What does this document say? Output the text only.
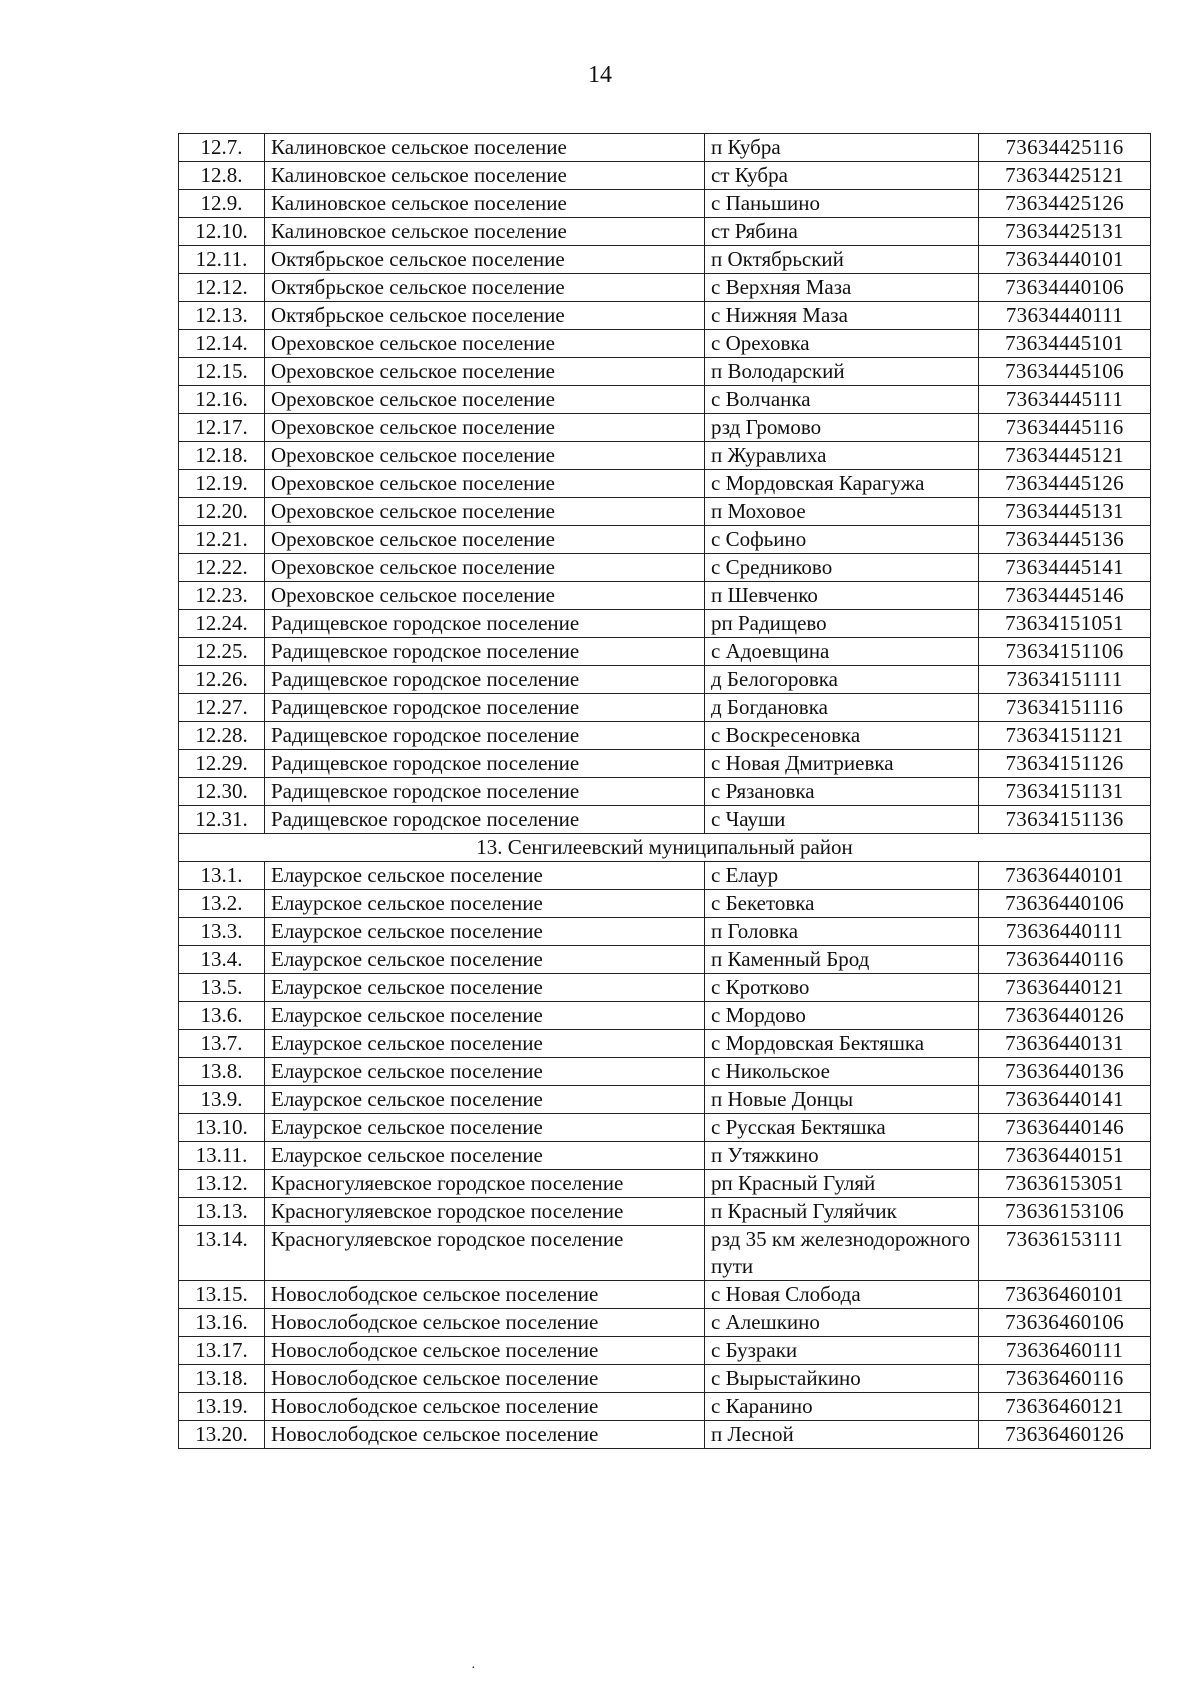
14
12.7.	Калиновское сельское поселение	п Кубра	73634425116
12.8.	Калиновское сельское поселение	ст Кубра	73634425121
12.9.	Калиновское сельское поселение	с Паньшино	73634425126
12.10.	Калиновское сельское поселение	ст Рябина	73634425131
12.11.	Октябрьское сельское поселение	п Октябрьский	73634440101
12.12.	Октябрьское сельское поселение	с Верхняя Маза	73634440106
12.13.	Октябрьское сельское поселение	с Нижняя Маза	73634440111
12.14.	Ореховское сельское поселение	с Ореховка	73634445101
12.15.	Ореховское сельское поселение	п Володарский	73634445106
12.16.	Ореховское сельское поселение	с Волчанка	73634445111
12.17.	Ореховское сельское поселение	рзд Громово	73634445116
12.18.	Ореховское сельское поселение	п Журавлиха	73634445121
12.19.	Ореховское сельское поселение	с Мордовская Карагужа	73634445126
12.20.	Ореховское сельское поселение	п Моховое	73634445131
12.21.	Ореховское сельское поселение	с Софьино	73634445136
12.22.	Ореховское сельское поселение	с Средниково	73634445141
12.23.	Ореховское сельское поселение	п Шевченко	73634445146
12.24.	Радищевское городское поселение	рп Радищево	73634151051
12.25.	Радищевское городское поселение	с Адоевщина	73634151106
12.26.	Радищевское городское поселение	д Белогоровка	73634151111
12.27.	Радищевское городское поселение	д Богдановка	73634151116
12.28.	Радищевское городское поселение	с Воскресеновка	73634151121
12.29.	Радищевское городское поселение	с Новая Дмитриевка	73634151126
12.30.	Радищевское городское поселение	с Рязановка	73634151131
12.31.	Радищевское городское поселение	с Чауши	73634151136
13. Сенгилеевский муниципальный район			
13.1.	Елаурское сельское поселение	с Елаур	73636440101
13.2.	Елаурское сельское поселение	с Бекетовка	73636440106
13.3.	Елаурское сельское поселение	п Головка	73636440111
13.4.	Елаурское сельское поселение	п Каменный Брод	73636440116
13.5.	Елаурское сельское поселение	с Кротково	73636440121
13.6.	Елаурское сельское поселение	с Мордово	73636440126
13.7.	Елаурское сельское поселение	с Мордовская Бектяшка	73636440131
13.8.	Елаурское сельское поселение	с Никольское	73636440136
13.9.	Елаурское сельское поселение	п Новые Донцы	73636440141
13.10.	Елаурское сельское поселение	с Русская Бектяшка	73636440146
13.11.	Елаурское сельское поселение	п Утяжкино	73636440151
13.12.	Красногуляевское городское поселение	рп Красный Гуляй	73636153051
13.13.	Красногуляевское городское поселение	п Красный Гуляйчик	73636153106
13.14.	Красногуляевское городское поселение	рзд 35 км железнодорожного пути	73636153111
13.15.	Новослободское сельское поселение	с Новая Слобода	73636460101
13.16.	Новослободское сельское поселение	с Алешкино	73636460106
13.17.	Новослободское сельское поселение	с Бузраки	73636460111
13.18.	Новослободское сельское поселение	с Вырыстайкино	73636460116
13.19.	Новослободское сельское поселение	с Каранино	73636460121
13.20.	Новослободское сельское поселение	п Лесной	73636460126
·
